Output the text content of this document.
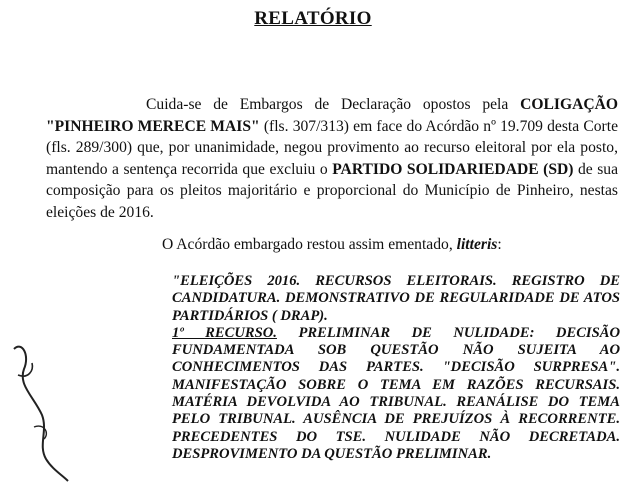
RELATÓRIO
Cuida-se de Embargos de Declaração opostos pela COLIGAÇÃO "PINHEIRO MERECE MAIS" (fls. 307/313) em face do Acórdão nº 19.709 desta Corte (fls. 289/300) que, por unanimidade, negou provimento ao recurso eleitoral por ela posto, mantendo a sentença recorrida que excluiu o PARTIDO SOLIDARIEDADE (SD) de sua composição para os pleitos majoritário e proporcional do Município de Pinheiro, nestas eleições de 2016.
O Acórdão embargado restou assim ementado, litteris:
"ELEIÇÕES 2016. RECURSOS ELEITORAIS. REGISTRO DE CANDIDATURA. DEMONSTRATIVO DE REGULARIDADE DE ATOS PARTIDÁRIOS ( DRAP).
1º RECURSO. PRELIMINAR DE NULIDADE: DECISÃO FUNDAMENTADA SOB QUESTÃO NÃO SUJEITA AO CONHECIMENTOS DAS PARTES. "DECISÃO SURPRESA". MANIFESTAÇÃO SOBRE O TEMA EM RAZÕES RECURSAIS. MATÉRIA DEVOLVIDA AO TRIBUNAL. REANÁLISE DO TEMA PELO TRIBUNAL. AUSÊNCIA DE PREJUÍZOS À RECORRENTE. PRECEDENTES DO TSE. NULIDADE NÃO DECRETADA. DESPROVIMENTO DA QUESTÃO PRELIMINAR.
